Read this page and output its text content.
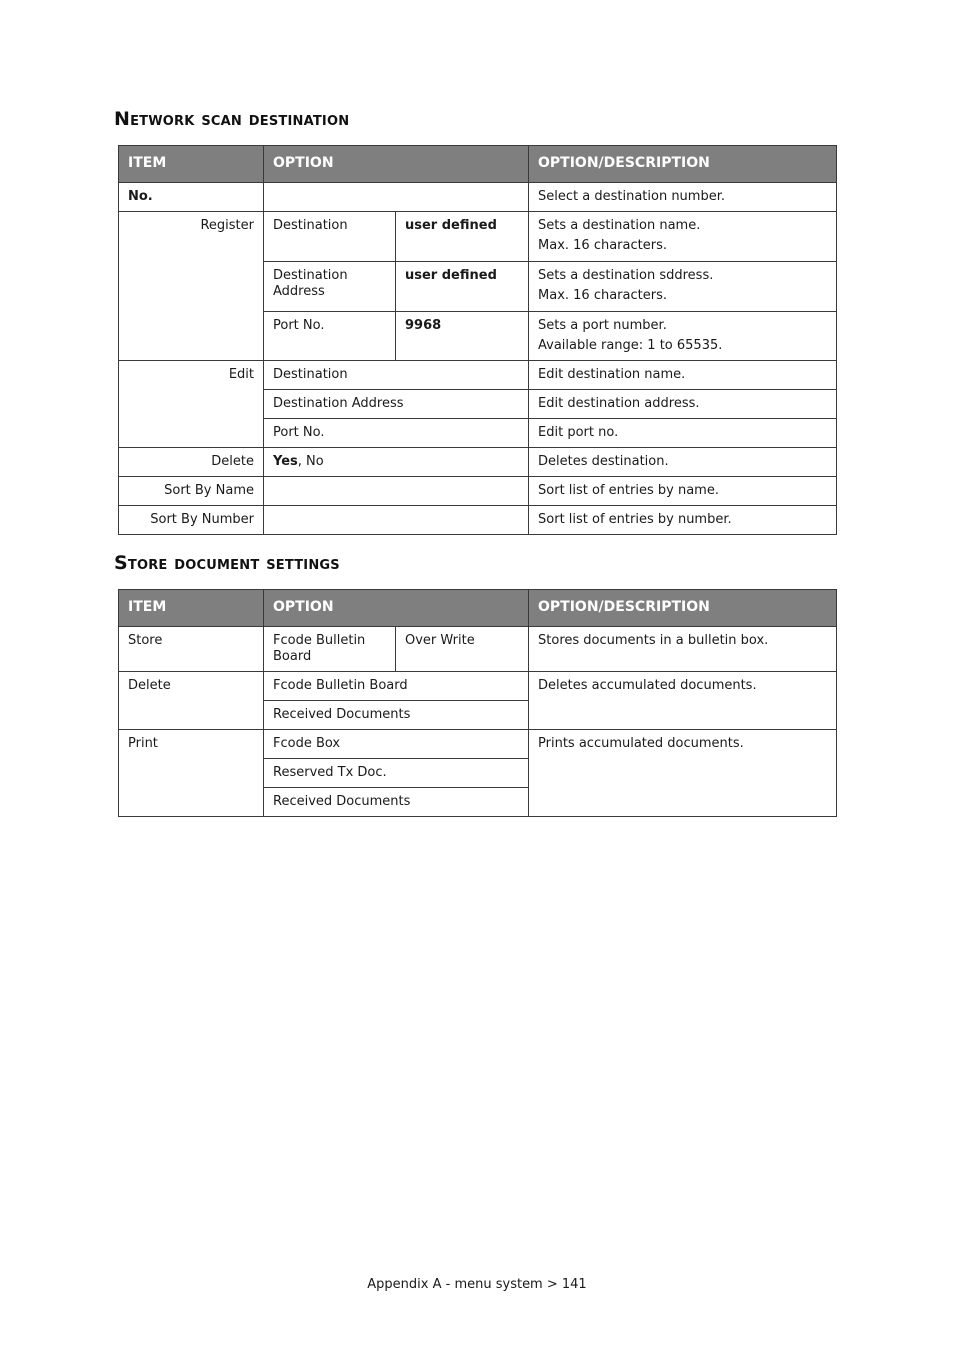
Network scan destination
ITEM	OPTION		OPTION/DESCRIPTION
No.			Select a destination number.
Register	Destination	user defined	Sets a destination name.
Max. 16 characters.

	Destination Address	user defined	Sets a destination sddress.
Max. 16 characters.

	Port No.	9968	Sets a port number.
Available range: 1 to 65535.

Edit	Destination		Edit destination name.
	Destination Address		Edit destination address.
	Port No.		Edit port no.
Delete	Yes, No		Deletes destination.
Sort By Name			Sort list of entries by name.
Sort By Number			Sort list of entries by number.
Store document settings
ITEM	OPTION		OPTION/DESCRIPTION
Store	Fcode Bulletin Board	Over Write	Stores documents in a bulletin box.
Delete	Fcode Bulletin Board		Deletes accumulated documents.
	Received Documents		
Print	Fcode Box		Prints accumulated documents.
	Reserved Tx Doc.		
	Received Documents		
Appendix A - menu system > 141
